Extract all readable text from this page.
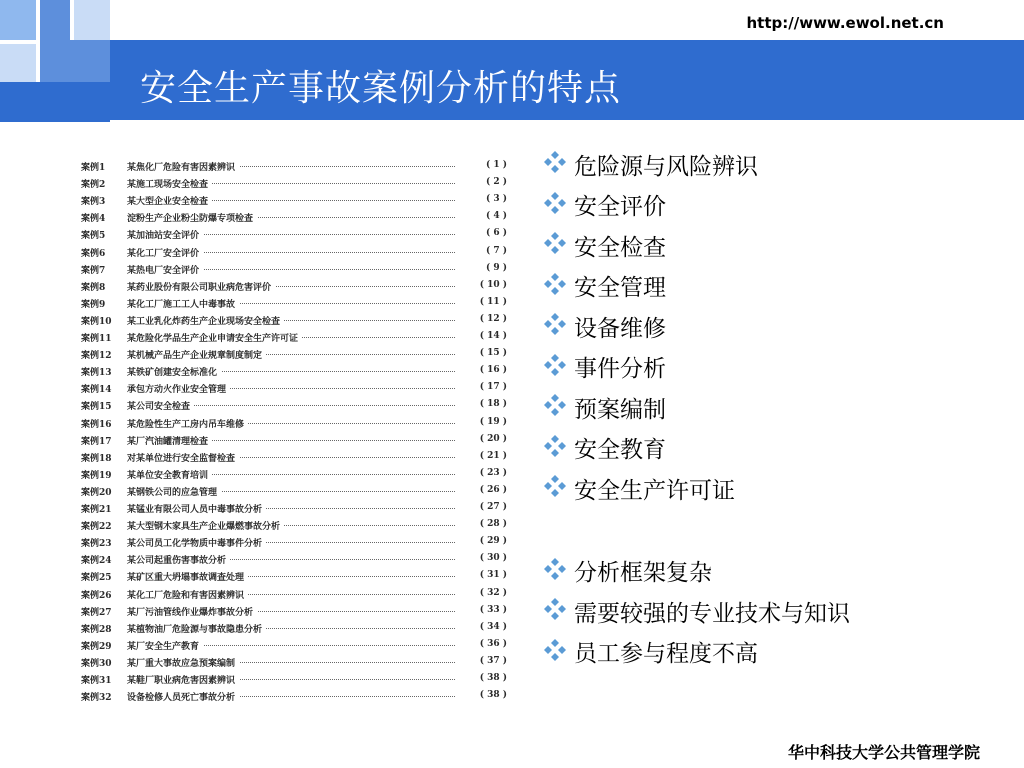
http://www.ewol.net.cn
安全生产事故案例分析的特点
案例1	某焦化厂危险有害因素辨识	( 1 )
案例2	某施工现场安全检查	( 2 )
案例3	某大型企业安全检查	( 3 )
案例4	淀粉生产企业粉尘防爆专项检查	( 4 )
案例5	某加油站安全评价	( 6 )
案例6	某化工厂安全评价	( 7 )
案例7	某热电厂安全评价	( 9 )
案例8	某药业股份有限公司职业病危害评价	( 10 )
案例9	某化工厂施工工人中毒事故	( 11 )
案例10	某工业乳化炸药生产企业现场安全检查	( 12 )
案例11	某危险化学品生产企业申请安全生产许可证	( 14 )
案例12	某机械产品生产企业规章制度制定	( 15 )
案例13	某铁矿创建安全标准化	( 16 )
案例14	承包方动火作业安全管理	( 17 )
案例15	某公司安全检查	( 18 )
案例16	某危险性生产工房内吊车维修	( 19 )
案例17	某厂汽油罐清理检查	( 20 )
案例18	对某单位进行安全监督检查	( 21 )
案例19	某单位安全教育培训	( 23 )
案例20	某钢铁公司的应急管理	( 26 )
案例21	某锰业有限公司人员中毒事故分析	( 27 )
案例22	某大型钢木家具生产企业爆燃事故分析	( 28 )
案例23	某公司员工化学物质中毒事件分析	( 29 )
案例24	某公司起重伤害事故分析	( 30 )
案例25	某矿区重大坍塌事故调查处理	( 31 )
案例26	某化工厂危险和有害因素辨识	( 32 )
案例27	某厂污油管线作业爆炸事故分析	( 33 )
案例28	某植物油厂危险源与事故隐患分析	( 34 )
案例29	某厂安全生产教育	( 36 )
案例30	某厂重大事故应急预案编制	( 37 )
案例31	某鞋厂职业病危害因素辨识	( 38 )
案例32	设备检修人员死亡事故分析	( 38 )
危险源与风险辨识
安全评价
安全检查
安全管理
设备维修
事件分析
预案编制
安全教育
安全生产许可证
分析框架复杂
需要较强的专业技术与知识
员工参与程度不高
华中科技大学公共管理学院
